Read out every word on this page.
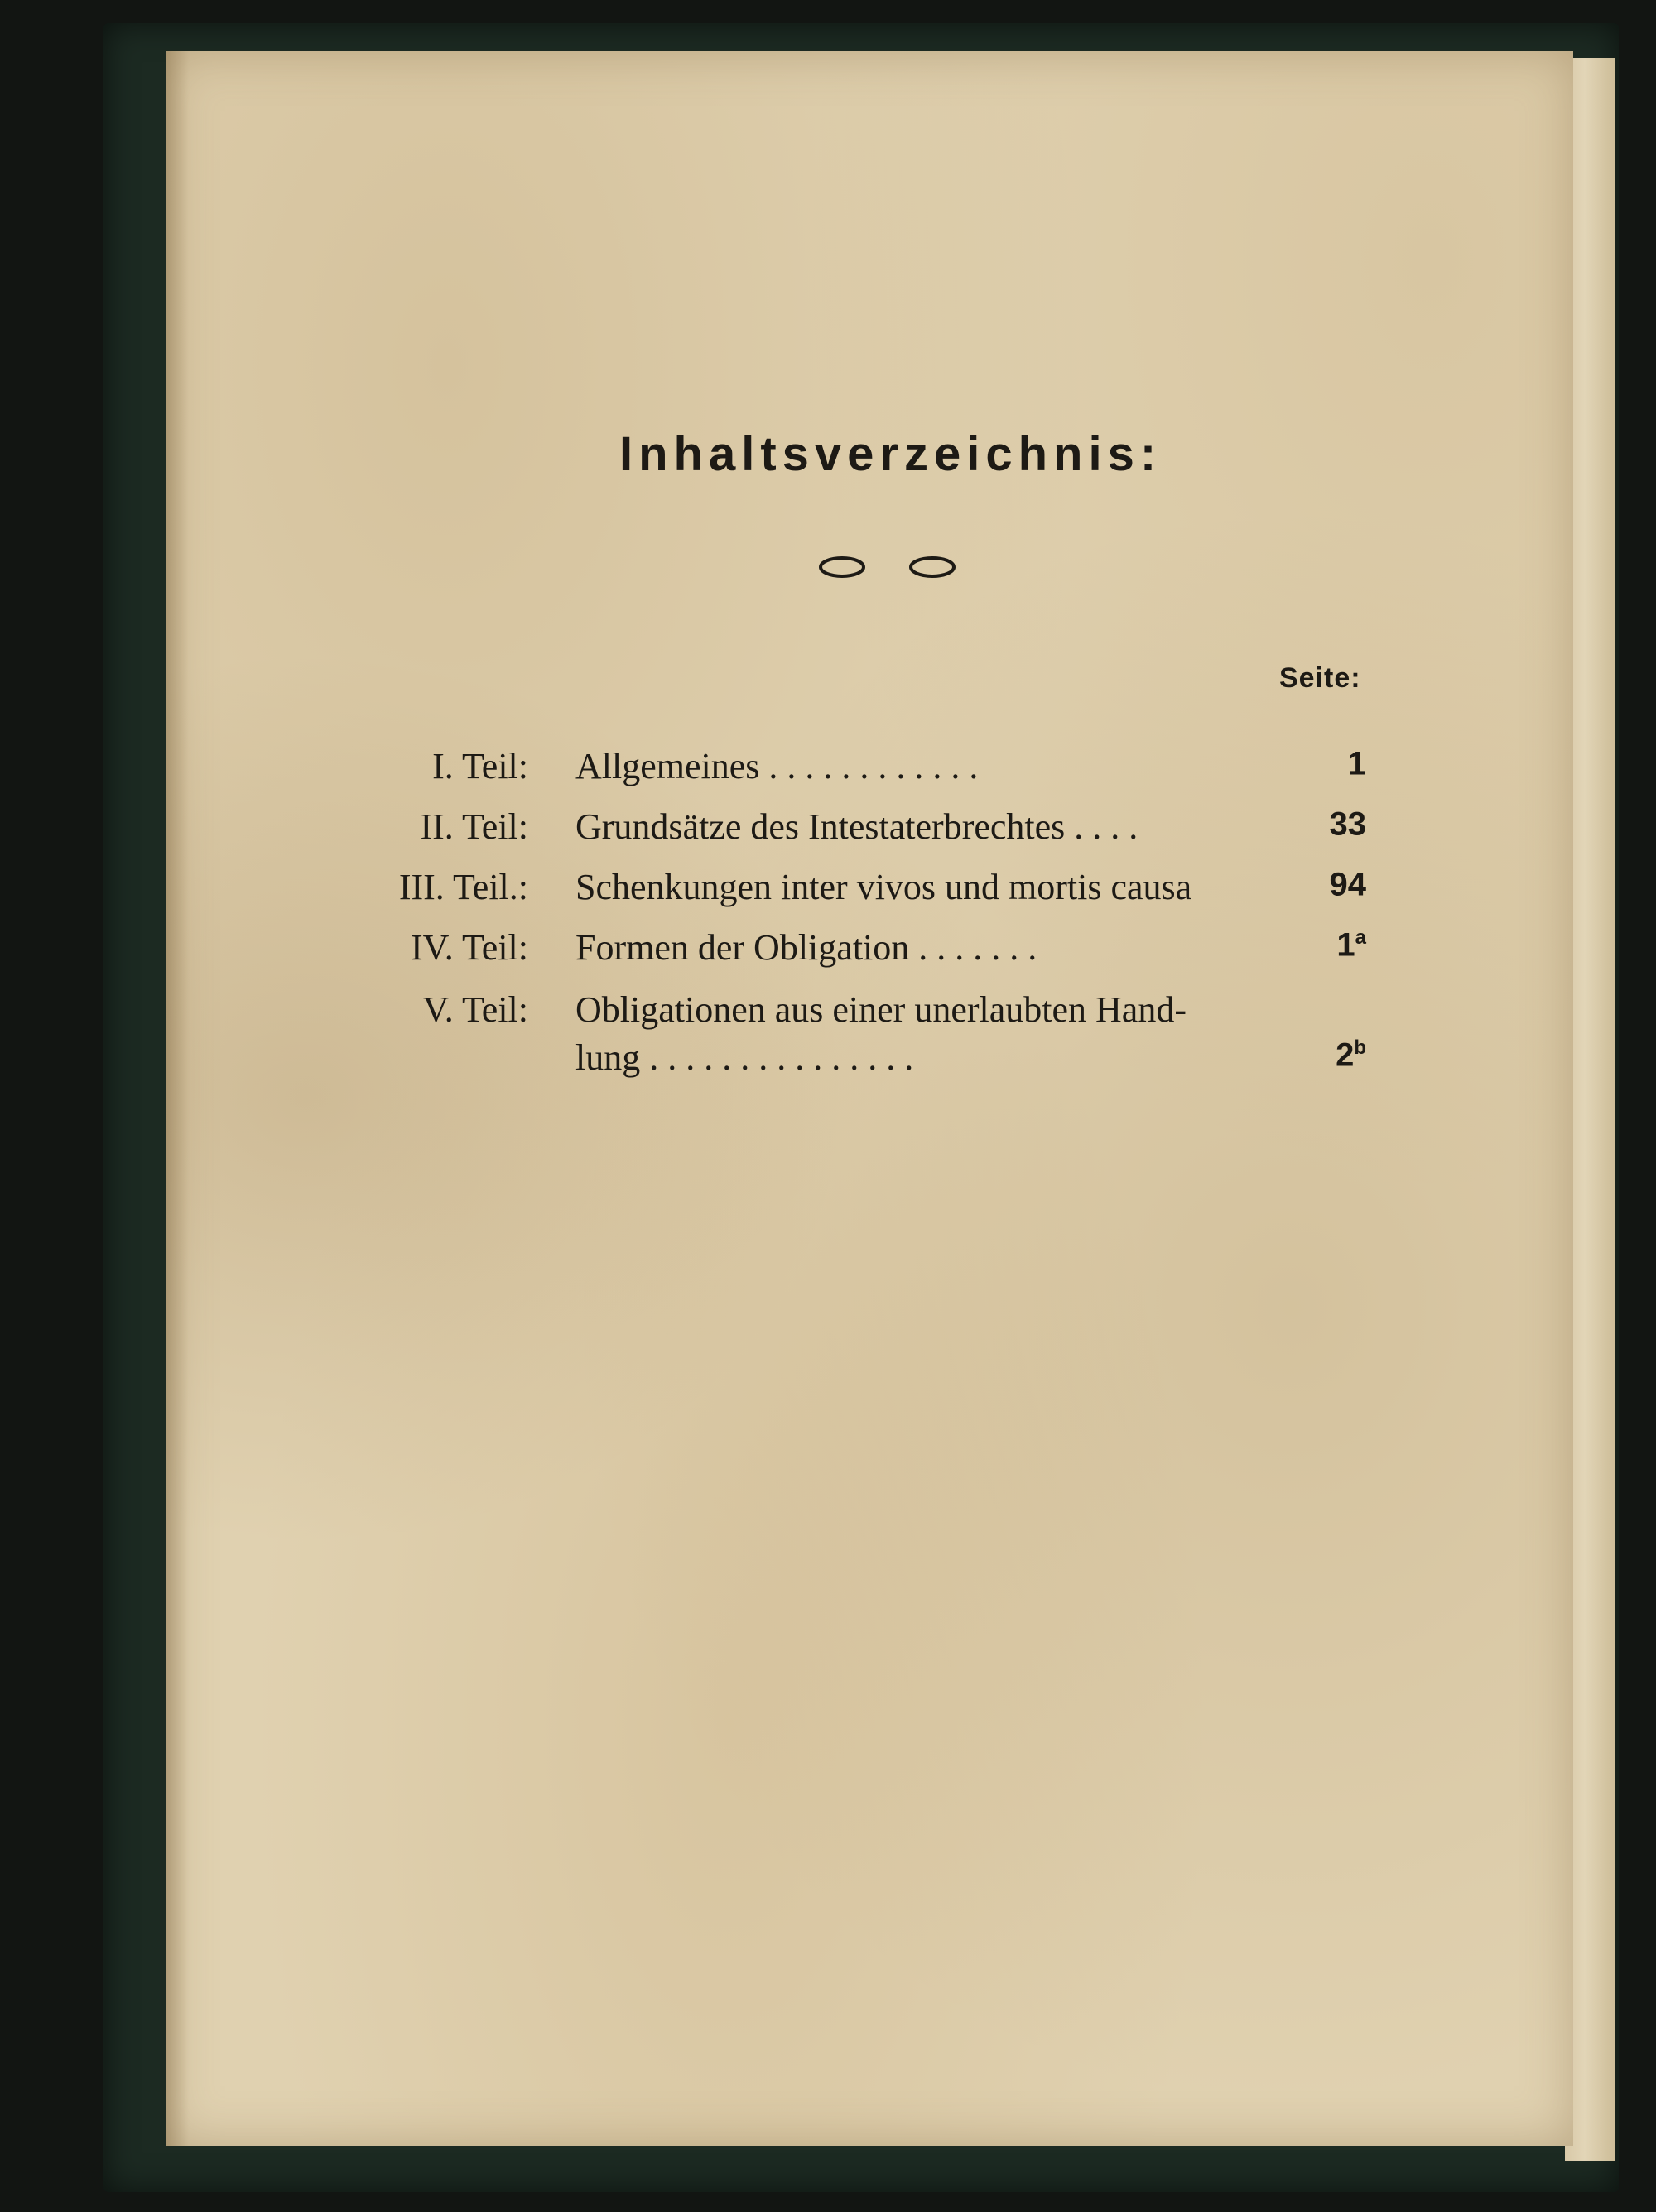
Inhaltsverzeichnis:
Seite:
I. Teil: Allgemeines . . . . . . . . . . . .	1
II. Teil: Grundsätze des Intestaterbrechtes . . . .	33
III. Teil.: Schenkungen inter vivos und mortis causa	94
IV. Teil: Formen der Obligation . . . . . . .	1$^a$
V. Teil: Obligationen aus einer unerlaubten Hand-
lung . . . . . . . . . . . . . . .	2$^b$
